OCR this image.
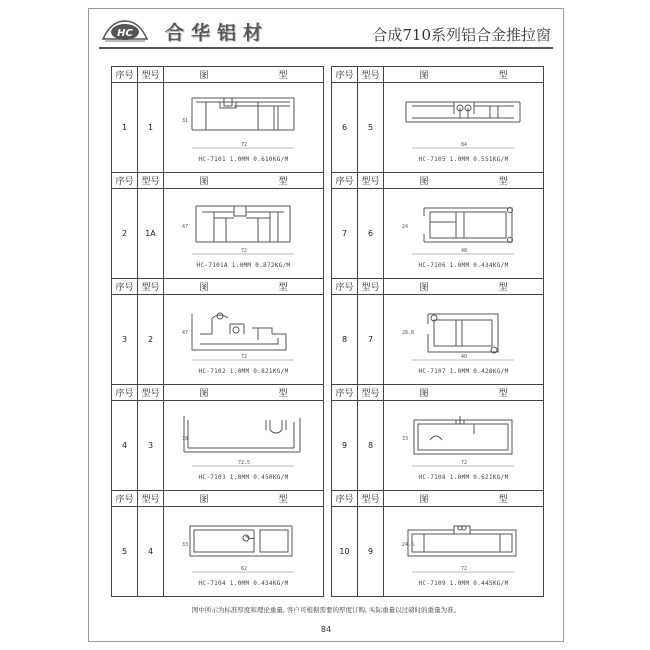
HC 合华铝材	合成710系列铝合金推拉窗
序号	型号	图 型
1	1	72
31
HC-7101 1.0MM 0.610KG/M

序号	型号	图 型
2	1A	72
47
HC-7101A 1.0MM 0.872KG/M

序号	型号	图 型
3	2	72
47
HC-7102 1.0MM 0.821KG/M

序号	型号	图 型
4	3	72.5
38
HC-7103 1.0MM 0.450KG/M

序号	型号	图 型
5	4	62
33
HC-7104 1.0MM 0.434KG/M
序号	型号	图 型
6	5	84
HC-7105 1.0MM 0.551KG/M

序号	型号	图 型
7	6	48
24
HC-7106 1.0MM 0.434KG/M

序号	型号	图 型
8	7	40
28.8
HC-7107 1.0MM 0.428KG/M

序号	型号	图 型
9	8	72
33
HC-7108 1.0MM 0.621KG/M

序号	型号	图 型
10	9	72
24.5
HC-7109 1.0MM 0.445KG/M
图中所示为标准厚度和理论重量, 客户可根据需要的厚度订购, 实际重量以过磅时的重量为准。
84
